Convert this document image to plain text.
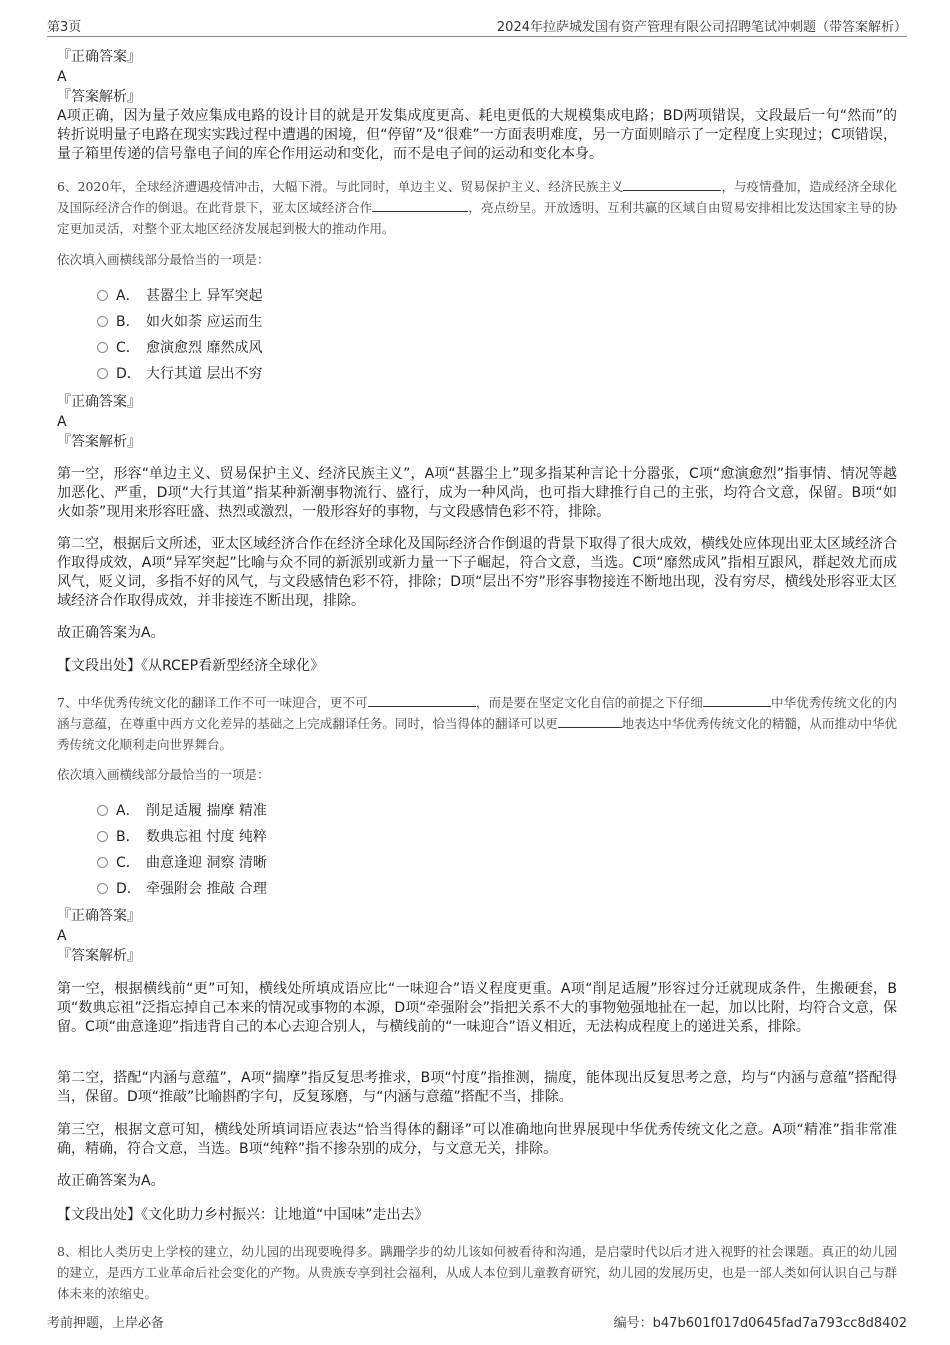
第3页	2024年拉萨城发国有资产管理有限公司招聘笔试冲刺题（带答案解析）
『正确答案』
A
『答案解析』
A项正确，因为量子效应集成电路的设计目的就是开发集成度更高、耗电更低的大规模集成电路；BD两项错误，文段最后一句“然而”的转折说明量子电路在现实实践过程中遭遇的困境，但“停留”及“很难”一方面表明难度，另一方面则暗示了一定程度上实现过；C项错误，量子箱里传递的信号靠电子间的库仑作用运动和变化，而不是电子间的运动和变化本身。
6、2020年，全球经济遭遇疫情冲击，大幅下滑。与此同时，单边主义、贸易保护主义、经济民族主义	，与疫情叠加，造成经济全球化及国际经济合作的倒退。在此背景下，亚太区域经济合作	，亮点纷呈。开放透明、互利共赢的区域自由贸易安排相比发达国家主导的协定更加灵活，对整个亚太地区经济发展起到极大的推动作用。
依次填入画横线部分最恰当的一项是：
A． 甚嚣尘上 异军突起
B． 如火如荼 应运而生
C． 愈演愈烈 靡然成风
D． 大行其道 层出不穷
『正确答案』
A
『答案解析』
第一空，形容“单边主义、贸易保护主义、经济民族主义”，A项“甚嚣尘上”现多指某种言论十分嚣张，C项“愈演愈烈”指事情、情况等越加恶化、严重，D项“大行其道”指某种新潮事物流行、盛行，成为一种风尚，也可指大肆推行自己的主张，均符合文意，保留。B项“如火如荼”现用来形容旺盛、热烈或激烈，一般形容好的事物，与文段感情色彩不符，排除。
第二空，根据后文所述，亚太区域经济合作在经济全球化及国际经济合作倒退的背景下取得了很大成效，横线处应体现出亚太区域经济合作取得成效，A项“异军突起”比喻与众不同的新派别或新力量一下子崛起，符合文意，当选。C项“靡然成风”指相互跟风，群起效尤而成风气，贬义词，多指不好的风气，与文段感情色彩不符，排除；D项“层出不穷”形容事物接连不断地出现，没有穷尽，横线处形容亚太区域经济合作取得成效，并非接连不断出现，排除。
故正确答案为A。
【文段出处】《从RCEP看新型经济全球化》
7、中华优秀传统文化的翻译工作不可一味迎合，更不可	，而是要在坚定文化自信的前提之下仔细	中华优秀传统文化的内涵与意蕴，在尊重中西方文化差异的基础之上完成翻译任务。同时，恰当得体的翻译可以更	地表达中华优秀传统文化的精髓，从而推动中华优秀传统文化顺利走向世界舞台。
依次填入画横线部分最恰当的一项是：
A． 削足适履 揣摩 精准
B． 数典忘祖 忖度 纯粹
C． 曲意逢迎 洞察 清晰
D． 牵强附会 推敲 合理
『正确答案』
A
『答案解析』
第一空，根据横线前“更”可知，横线处所填成语应比“一味迎合”语义程度更重。A项“削足适履”形容过分迁就现成条件，生搬硬套，B项“数典忘祖”泛指忘掉自己本来的情况或事物的本源，D项“牵强附会”指把关系不大的事物勉强地扯在一起，加以比附，均符合文意，保留。C项“曲意逢迎”指违背自己的本心去迎合别人，与横线前的“一味迎合”语义相近，无法构成程度上的递进关系，排除。
第二空，搭配“内涵与意蕴”，A项“揣摩”指反复思考推求，B项“忖度”指推测，揣度，能体现出反复思考之意，均与“内涵与意蕴”搭配得当，保留。D项“推敲”比喻斟酌字句，反复琢磨，与“内涵与意蕴”搭配不当，排除。
第三空，根据文意可知，横线处所填词语应表达“恰当得体的翻译”可以准确地向世界展现中华优秀传统文化之意。A项“精准”指非常准确，精确，符合文意，当选。B项“纯粹”指不掺杂别的成分，与文意无关，排除。
故正确答案为A。
【文段出处】《文化助力乡村振兴：让地道“中国味”走出去》
8、相比人类历史上学校的建立，幼儿园的出现要晚得多。蹒跚学步的幼儿该如何被看待和沟通，是启蒙时代以后才进入视野的社会课题。真正的幼儿园的建立，是西方工业革命后社会变化的产物。从贵族专享到社会福利，从成人本位到儿童教育研究，幼儿园的发展历史，也是一部人类如何认识自己与群体未来的浓缩史。
考前押题，上岸必备	编号：b47b601f017d0645fad7a793cc8d8402
